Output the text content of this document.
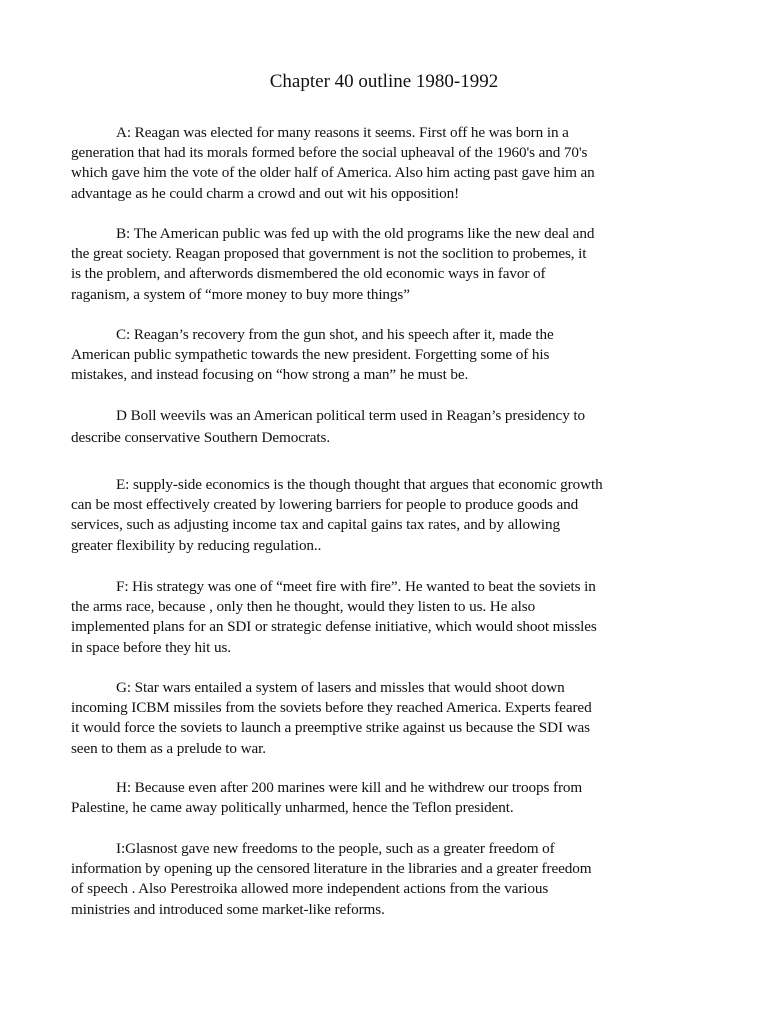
Chapter 40 outline 1980-1992

A: Reagan was elected for many reasons it seems. First off he was born in a
generation that had its morals formed before the social upheaval of the 1960's and 70's
which gave him the vote of the older half of America. Also him acting past gave him an
advantage as he could charm a crowd and out wit his opposition!

B: The American public was fed up with the old programs like the new deal and
the great society. Reagan proposed that government is not the soclition to probemes, it
is the problem, and afterwords dismembered the old economic ways in favor of
raganism, a system of “more money to buy more things”

C: Reagan’s recovery from the gun shot, and his speech after it, made the
American public sympathetic towards the new president. Forgetting some of his
mistakes, and instead focusing on “how strong a man” he must be.

D Boll weevils was an American political term used in Reagan’s presidency to
describe conservative Southern Democrats.

E: supply-side economics is the though thought that argues that economic growth
can be most effectively created by lowering barriers for people to produce goods and
services, such as adjusting income tax and capital gains tax rates, and by allowing
greater flexibility by reducing regulation..

F: His strategy was one of “meet fire with fire”. He wanted to beat the soviets in
the arms race, because , only then he thought, would they listen to us. He also
implemented plans for an SDI or strategic defense initiative, which would shoot missles
in space before they hit us.

G: Star wars entailed a system of lasers and missles that would shoot down
incoming ICBM missiles from the soviets before they reached America. Experts feared
it would force the soviets to launch a preemptive strike against us because the SDI was
seen to them as a prelude to war.

H: Because even after 200 marines were kill and he withdrew our troops from
Palestine, he came away politically unharmed, hence the Teflon president.

I:Glasnost gave new freedoms to the people, such as a greater freedom of
information by opening up the censored literature in the libraries and a greater freedom
of speech . Also Perestroika allowed more independent actions from the various
ministries and introduced some market-like reforms.
